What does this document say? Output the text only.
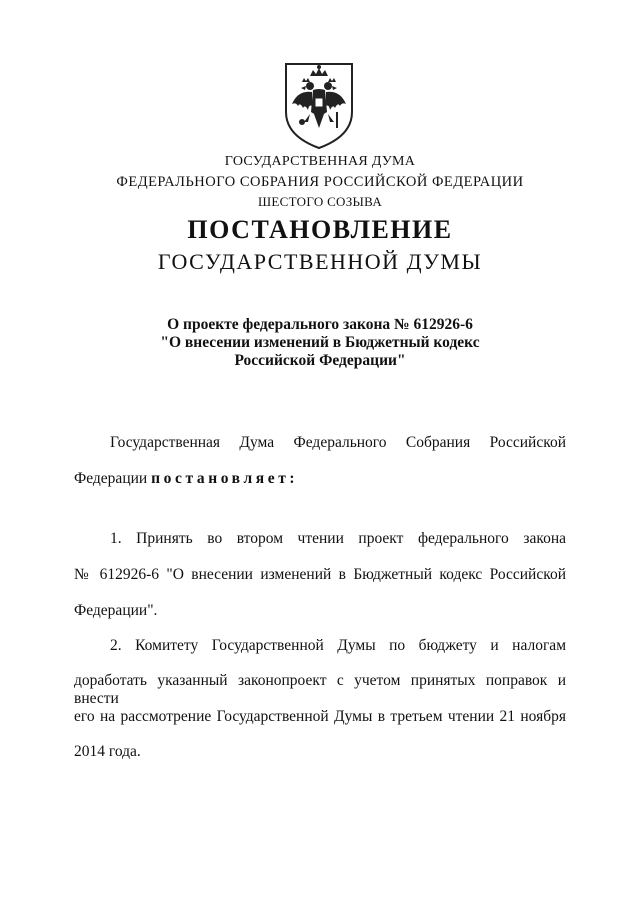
ГОСУДАРСТВЕННАЯ ДУМА
ФЕДЕРАЛЬНОГО СОБРАНИЯ РОССИЙСКОЙ ФЕДЕРАЦИИ
ШЕСТОГО СОЗЫВА
ПОСТАНОВЛЕНИЕ
ГОСУДАРСТВЕННОЙ ДУМЫ
О проекте федерального закона № 612926-6
"О внесении изменений в Бюджетный кодекс
Российской Федерации"
Государственная Дума Федерального Собрания Российской
Федерации постановляет:
1. Принять во втором чтении проект федерального закона
№ 612926-6 "О внесении изменений в Бюджетный кодекс Российской
Федерации".
2. Комитету Государственной Думы по бюджету и налогам
доработать указанный законопроект с учетом принятых поправок и внести
его на рассмотрение Государственной Думы в третьем чтении 21 ноября
2014 года.
